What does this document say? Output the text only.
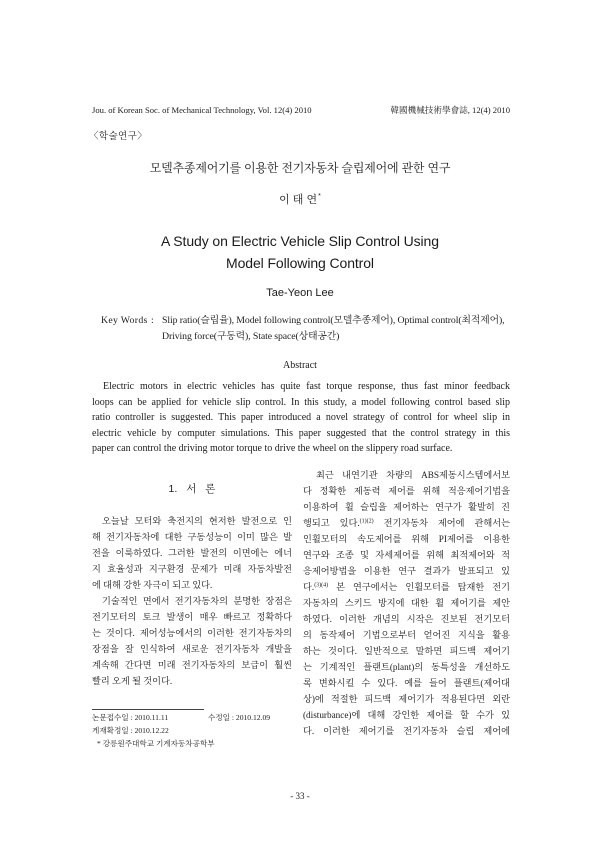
Jou. of Korean Soc. of Mechanical Technology, Vol. 12(4) 2010	韓國機械技術學會誌, 12(4) 2010
〈학술연구〉
모델추종제어기를 이용한 전기자동차 슬립제어에 관한 연구
이 태 연*
A Study on Electric Vehicle Slip Control Using
Model Following Control
Tae-Yeon Lee
Key Words : Slip ratio(슬립율), Model following control(모델추종제어), Optimal control(최적제어),
Driving force(구동력), State space(상태공간)
Abstract
Electric motors in electric vehicles has quite fast torque response, thus fast minor feedback
loops can be applied for vehicle slip control. In this study, a model following control based slip
ratio controller is suggested. This paper introduced a novel strategy of control for wheel slip in
electric vehicle by computer simulations. This paper suggested that the control strategy in this
paper can control the driving motor torque to drive the wheel on the slippery road surface.
1. 서 론
오늘날 모터와 축전지의 현저한 발전으로 인
해 전기자동차에 대한 구동성능이 이미 많은 발
전을 이룩하였다. 그러한 발전의 이면에는 에너
지 효율성과 지구환경 문제가 미래 자동차발전
에 대해 강한 자극이 되고 있다.
기술적인 면에서 전기자동차의 분명한 장점은
전기모터의 토크 발생이 매우 빠르고 정확하다
는 것이다. 제어성능에서의 이러한 전기자동차의
장점을 잘 인식하여 새로운 전기자동차 개발을
계속해 간다면 미래 전기자동차의 보급이 훨씬
빨리 오게 될 것이다.
최근 내연기관 차량의 ABS제동시스템에서보
다 정확한 제동력 제어를 위해 적응제어기법을
이용하여 휠 슬립을 제어하는 연구가 활발히 진
행되고 있다.$^{(1)(2)}$ 전기자동차 제어에 관해서는
인휠모터의 속도제어를 위해 PI제어를 이용한
연구와 조종 및 자세제어를 위해 최적제어와 적
응제어방법을 이용한 연구 결과가 발표되고 있
다.$^{(3)(4)}$ 본 연구에서는 인휠모터를 탑재한 전기
자동차의 스키드 방지에 대한 휠 제어기를 제안
하였다. 이러한 개념의 시작은 진보된 전기모터
의 동작제어 기법으로부터 얻어진 지식을 활용
하는 것이다. 일반적으로 말하면 피드백 제어기
는 기계적인 플랜트(plant)의 동특성을 개선하도
록 변화시킬 수 있다. 예를 들어 플랜트(제어대
상)에 적절한 피드백 제어기가 적용된다면 외란
(disturbance)에 대해 강인한 제어를 할 수가 있
다. 이러한 제어기를 전기자동차 슬립 제어에
논문접수일 : 2010.11.11	수정일 : 2010.12.09
게재확정일 : 2010.12.22
* 강릉원주대학교 기계자동차공학부
- 33 -
